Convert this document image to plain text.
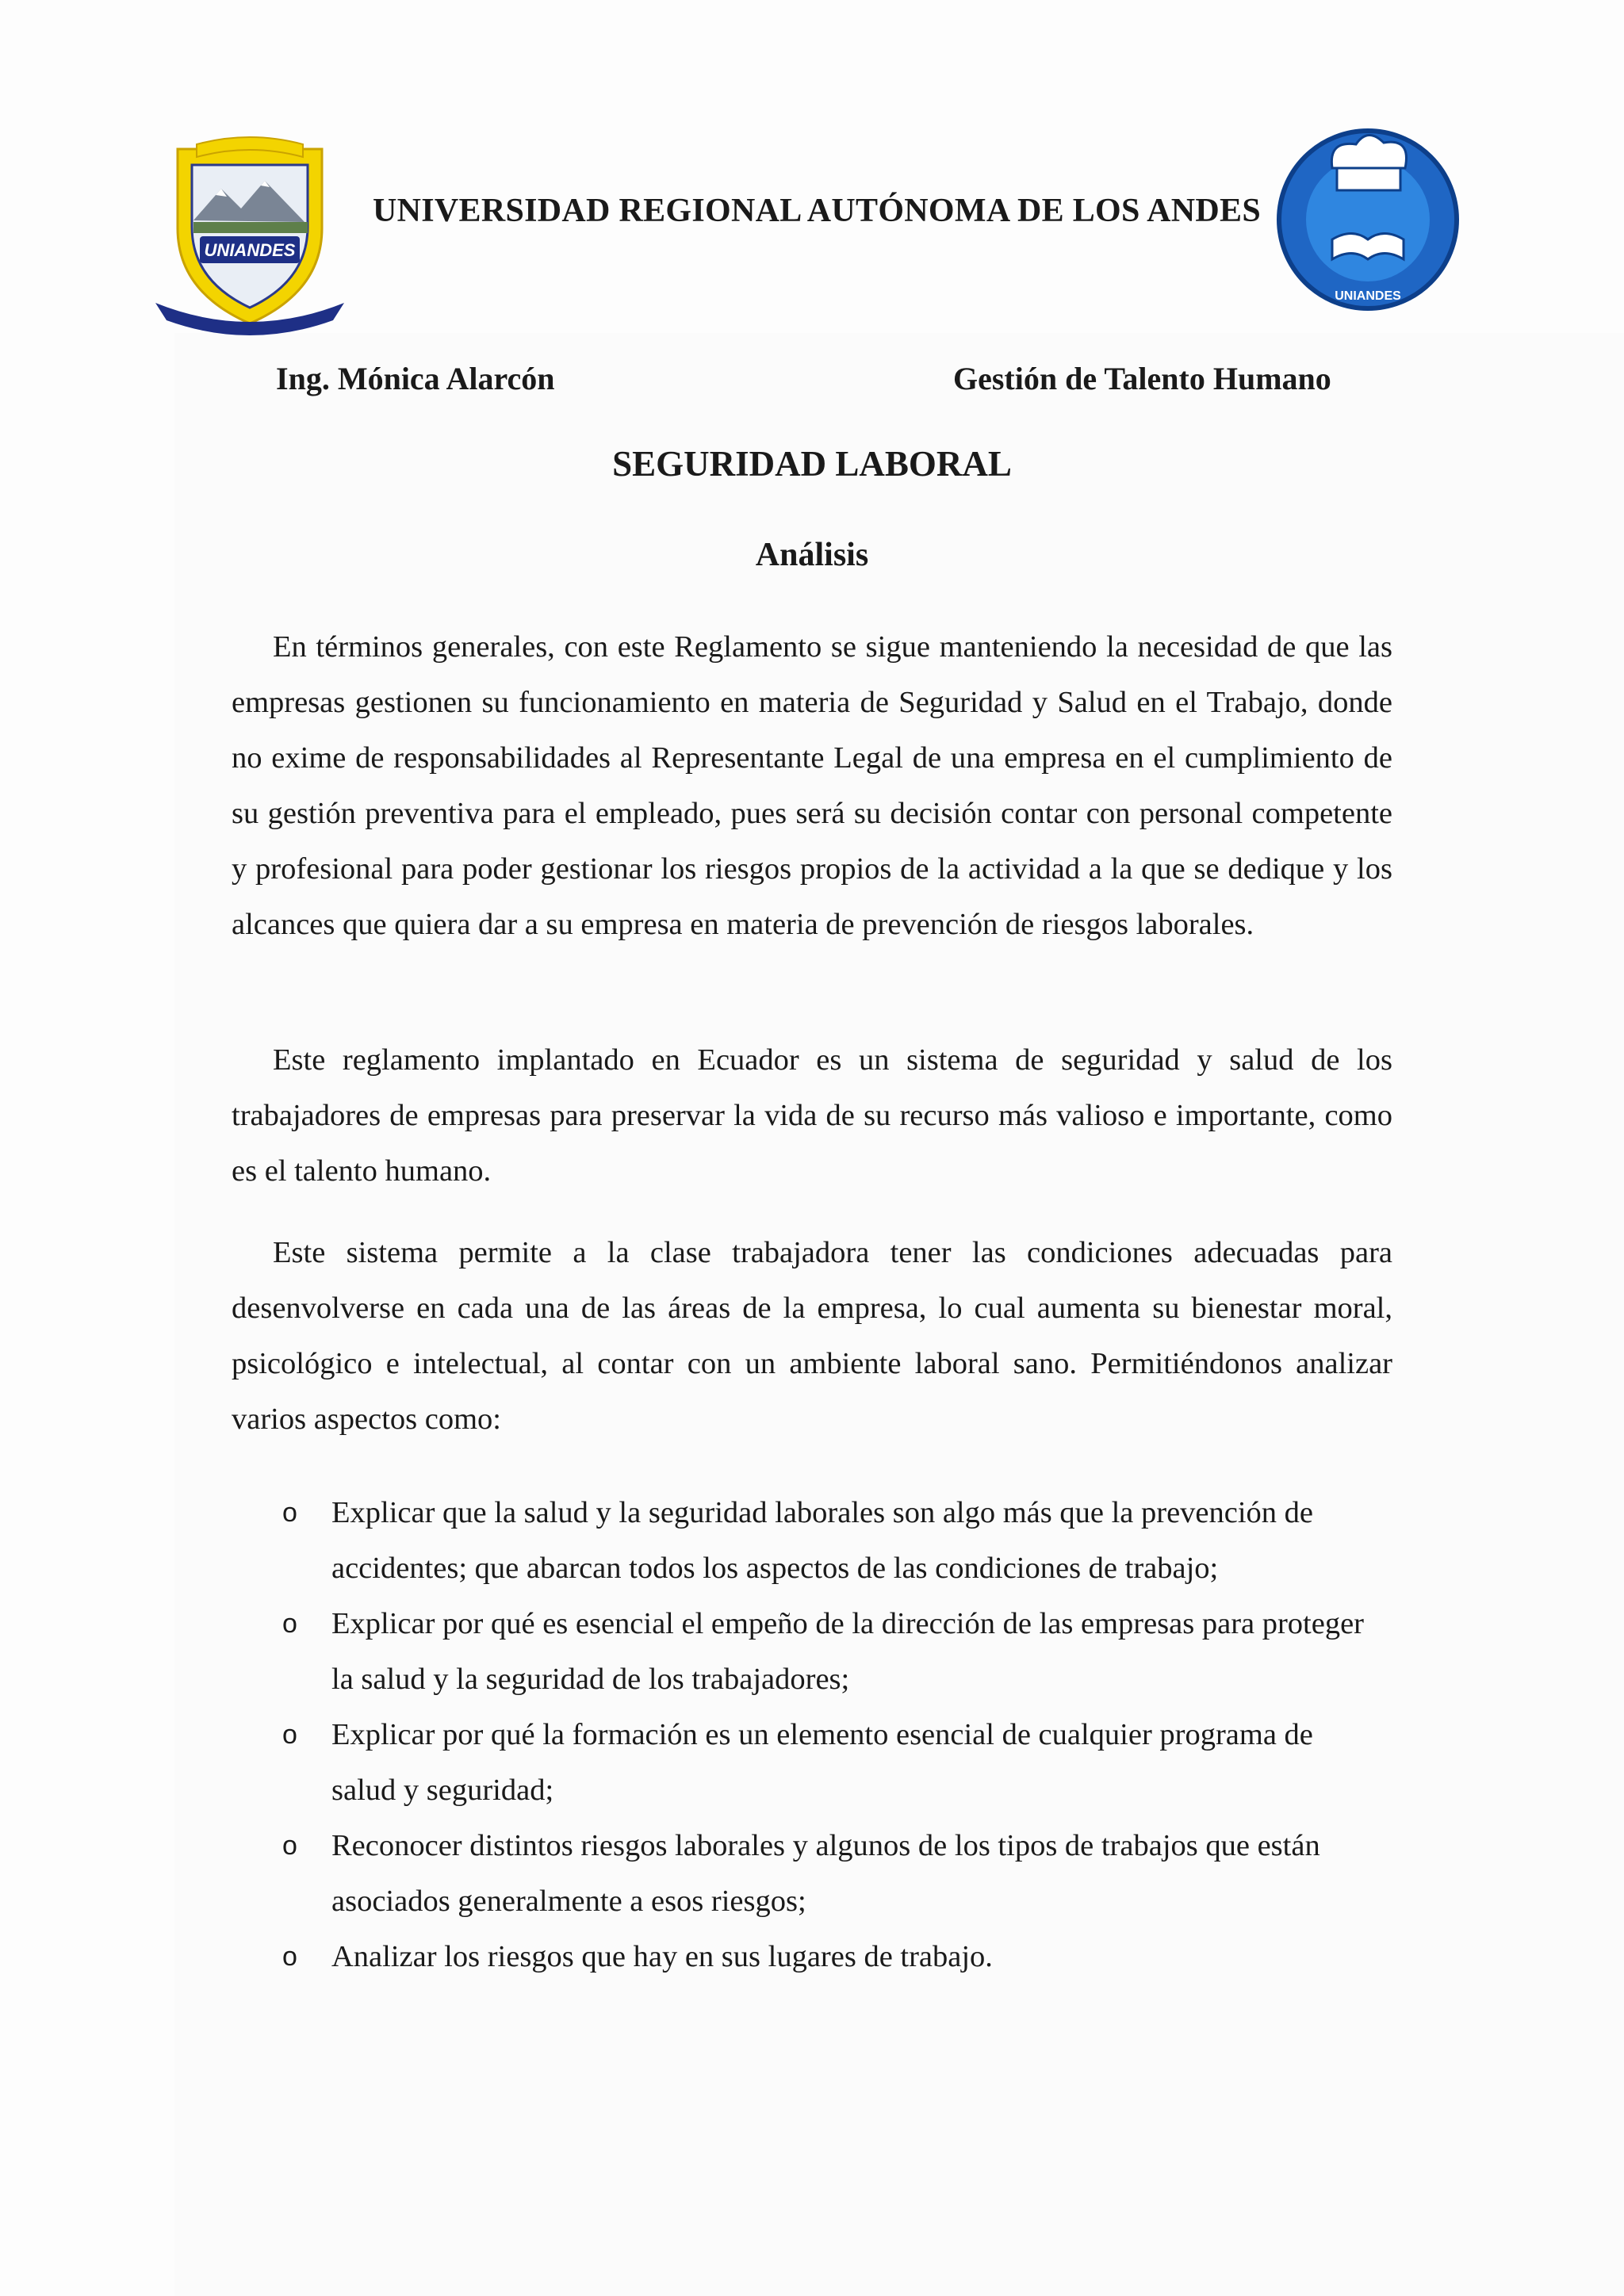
UNIANDES
UNIVERSIDAD REGIONAL AUTÓNOMA DE LOS ANDES
UNIANDES
Ing. Mónica Alarcón	Gestión de Talento Humano
SEGURIDAD LABORAL
Análisis

En términos generales, con este Reglamento se sigue manteniendo la necesidad de que las empresas gestionen su funcionamiento en materia de Seguridad y Salud en el Trabajo, donde no exime de responsabilidades al Representante Legal de una empresa en el cumplimiento de su gestión preventiva para el empleado, pues será su decisión contar con personal competente y profesional para poder gestionar los riesgos propios de la actividad a la que se dedique y los alcances que quiera dar a su empresa en materia de prevención de riesgos laborales.

Este reglamento implantado en Ecuador es un sistema de seguridad y salud de los trabajadores de empresas para preservar la vida de su recurso más valioso e importante, como es el talento humano.

Este sistema permite a la clase trabajadora tener las condiciones adecuadas para desenvolverse en cada una de las áreas de la empresa, lo cual aumenta su bienestar moral, psicológico e intelectual, al contar con un ambiente laboral sano. Permitiéndonos analizar varios aspectos como:

o Explicar que la salud y la seguridad laborales son algo más que la prevención de accidentes; que abarcan todos los aspectos de las condiciones de trabajo;
o Explicar por qué es esencial el empeño de la dirección de las empresas para proteger la salud y la seguridad de los trabajadores;
o Explicar por qué la formación es un elemento esencial de cualquier programa de salud y seguridad;
o Reconocer distintos riesgos laborales y algunos de los tipos de trabajos que están asociados generalmente a esos riesgos;
o Analizar los riesgos que hay en sus lugares de trabajo.
